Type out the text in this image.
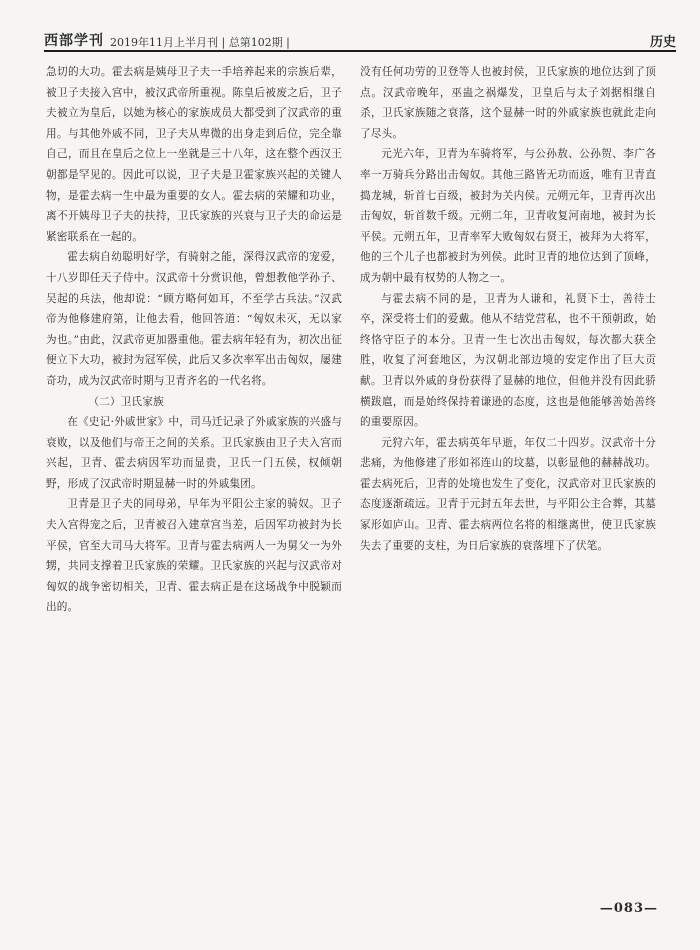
西部学刊 2019年11月上半月刊 | 总第102期 |	历史

急切的大功。霍去病是姨母卫子夫一手培养起来的宗族后辈，被卫子夫接入宫中，被汉武帝所重视。陈皇后被废之后，卫子夫被立为皇后，以她为核心的家族成员大都受到了汉武帝的重用。与其他外戚不同，卫子夫从卑微的出身走到后位，完全靠自己，而且在皇后之位上一坐就是三十八年，这在整个西汉王朝都是罕见的。因此可以说，卫子夫是卫霍家族兴起的关键人物，是霍去病一生中最为重要的女人。霍去病的荣耀和功业，离不开姨母卫子夫的扶持，卫氏家族的兴衰与卫子夫的命运是紧密联系在一起的。

霍去病自幼聪明好学，有骑射之能，深得汉武帝的宠爱，十八岁即任天子侍中。汉武帝十分赏识他，曾想教他学孙子、吴起的兵法，他却说：“顾方略何如耳，不至学古兵法。”汉武帝为他修建府第，让他去看，他回答道：“匈奴未灭，无以家为也。”由此，汉武帝更加器重他。霍去病年轻有为，初次出征便立下大功，被封为冠军侯，此后又多次率军出击匈奴，屡建奇功，成为汉武帝时期与卫青齐名的一代名将。

（二）卫氏家族

在《史记·外戚世家》中，司马迁记录了外戚家族的兴盛与衰败，以及他们与帝王之间的关系。卫氏家族由卫子夫入宫而兴起，卫青、霍去病因军功而显贵，卫氏一门五侯，权倾朝野，形成了汉武帝时期显赫一时的外戚集团。

卫青是卫子夫的同母弟，早年为平阳公主家的骑奴。卫子夫入宫得宠之后，卫青被召入建章宫当差，后因军功被封为长平侯，官至大司马大将军。卫青与霍去病两人一为舅父一为外甥，共同支撑着卫氏家族的荣耀。卫氏家族的兴起与汉武帝对匈奴的战争密切相关，卫青、霍去病正是在这场战争中脱颖而出的。

没有任何功劳的卫登等人也被封侯，卫氏家族的地位达到了顶点。汉武帝晚年，巫蛊之祸爆发，卫皇后与太子刘据相继自杀，卫氏家族随之衰落，这个显赫一时的外戚家族也就此走向了尽头。

元光六年，卫青为车骑将军，与公孙敖、公孙贺、李广各率一万骑兵分路出击匈奴。其他三路皆无功而返，唯有卫青直捣龙城，斩首七百级，被封为关内侯。元朔元年，卫青再次出击匈奴，斩首数千级。元朔二年，卫青收复河南地，被封为长平侯。元朔五年，卫青率军大败匈奴右贤王，被拜为大将军，他的三个儿子也都被封为列侯。此时卫青的地位达到了顶峰，成为朝中最有权势的人物之一。

与霍去病不同的是，卫青为人谦和，礼贤下士，善待士卒，深受将士们的爱戴。他从不结党营私，也不干预朝政，始终恪守臣子的本分。卫青一生七次出击匈奴，每次都大获全胜，收复了河套地区，为汉朝北部边境的安定作出了巨大贡献。卫青以外戚的身份获得了显赫的地位，但他并没有因此骄横跋扈，而是始终保持着谦逊的态度，这也是他能够善始善终的重要原因。

元狩六年，霍去病英年早逝，年仅二十四岁。汉武帝十分悲痛，为他修建了形如祁连山的坟墓，以彰显他的赫赫战功。霍去病死后，卫青的处境也发生了变化，汉武帝对卫氏家族的态度逐渐疏远。卫青于元封五年去世，与平阳公主合葬，其墓冢形如庐山。卫青、霍去病两位名将的相继离世，使卫氏家族失去了重要的支柱，为日后家族的衰落埋下了伏笔。

—083—
